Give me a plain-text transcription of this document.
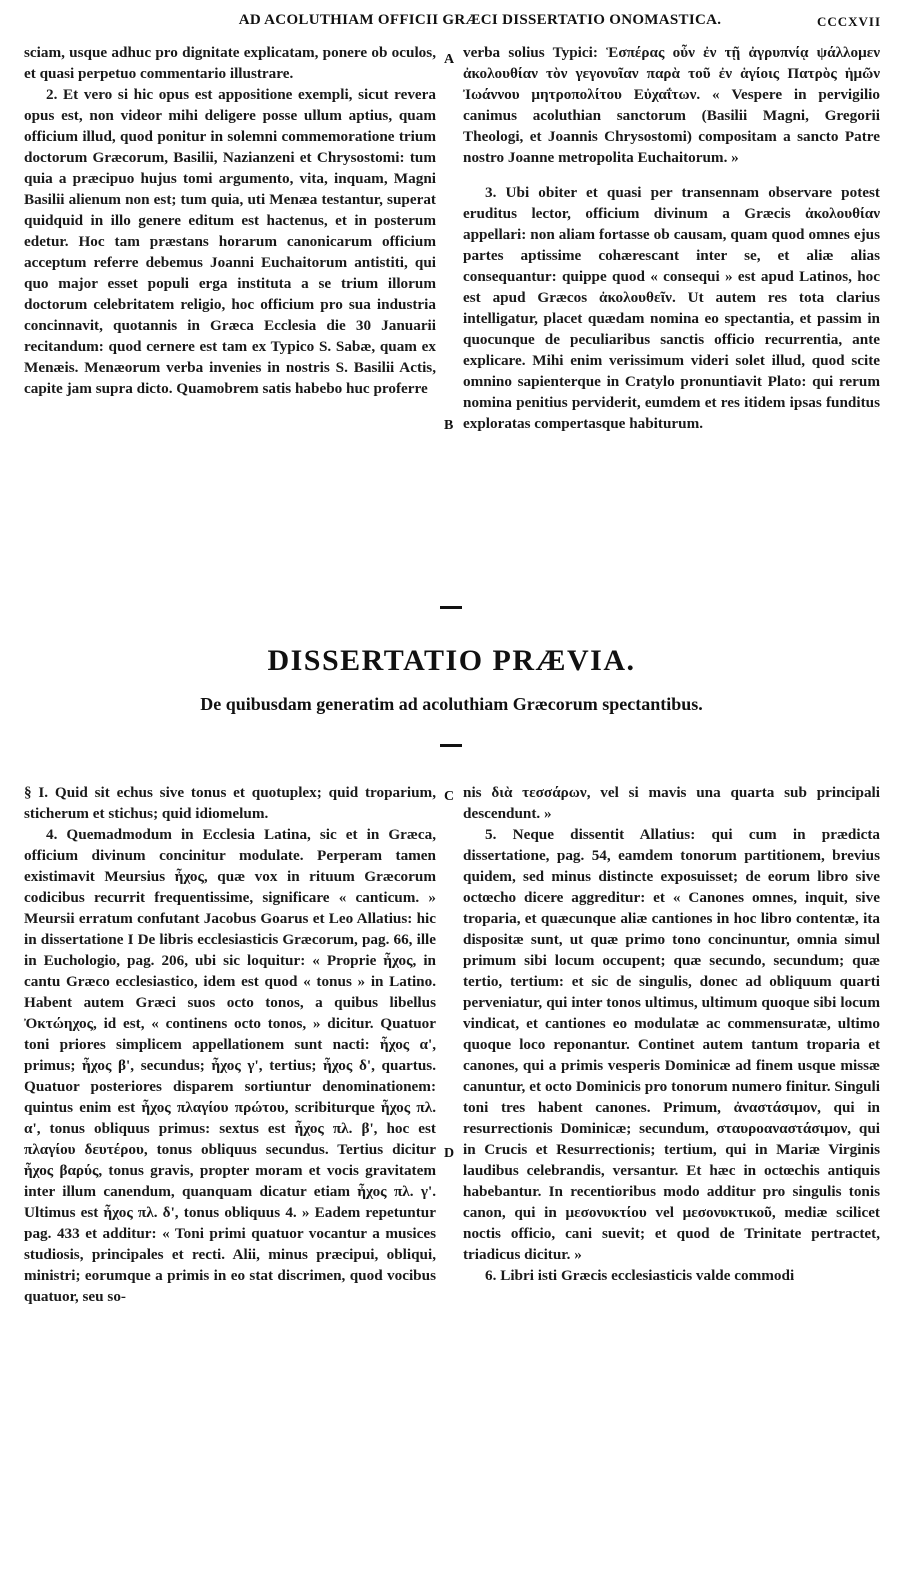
AD ACOLUTHIAM OFFICII GRÆCI DISSERTATIO ONOMASTICA.	CCCXVII
A
B
C
D

sciam, usque adhuc pro dignitate explicatam, ponere ob oculos, et quasi perpetuo commentario illustrare.

2. Et vero si hic opus est appositione exempli, sicut revera opus est, non videor mihi deligere posse ullum aptius, quam officium illud, quod ponitur in solemni commemoratione trium doctorum Græcorum, Basilii, Nazianzeni et Chrysostomi: tum quia a præcipuo hujus tomi argumento, vita, inquam, Magni Basilii alienum non est; tum quia, uti Menæa testantur, superat quidquid in illo genere editum est hactenus, et in posterum edetur. Hoc tam præstans horarum canonicarum officium acceptum referre debemus Joanni Euchaitorum antistiti, qui quo major esset populi erga instituta a se trium illorum doctorum celebritatem religio, hoc officium pro sua industria concinnavit, quotannis in Græca Ecclesia die 30 Januarii recitandum: quod cernere est tam ex Typico S. Sabæ, quam ex Menæis. Menæorum verba invenies in nostris S. Basilii Actis, capite jam supra dicto. Quamobrem satis habebo huc proferre

verba solius Typici: Ἑσπέρας οὖν ἐν τῇ ἀγρυπνίᾳ ψάλλομεν ἀκολουθίαν τὸν γεγονυῖαν παρὰ τοῦ ἐν ἁγίοις Πατρὸς ἡμῶν Ἰωάννου μητροπολίτου Εὐχαΐτων. « Vespere in pervigilio canimus acoluthian sanctorum (Basilii Magni, Gregorii Theologi, et Joannis Chrysostomi) compositam a sancto Patre nostro Joanne metropolita Euchaitorum. »

3. Ubi obiter et quasi per transennam observare potest eruditus lector, officium divinum a Græcis ἀκολουθίαν appellari: non aliam fortasse ob causam, quam quod omnes ejus partes aptissime cohærescant inter se, et aliæ alias consequantur: quippe quod « consequi » est apud Latinos, hoc est apud Græcos ἀκολουθεῖν. Ut autem res tota clarius intelligatur, placet quædam nomina eo spectantia, et passim in quocunque de peculiaribus sanctis officio recurrentia, ante explicare. Mihi enim verissimum videri solet illud, quod scite omnino sapienterque in Cratylo pronuntiavit Plato: qui rerum nomina penitius perviderit, eumdem et res itidem ipsas funditus exploratas compertasque habiturum.

DISSERTATIO PRÆVIA.
De quibusdam generatim ad acoluthiam Græcorum spectantibus.

§ I. Quid sit echus sive tonus et quotuplex; quid troparium, sticherum et stichus; quid idiomelum.

4. Quemadmodum in Ecclesia Latina, sic et in Græca, officium divinum concinitur modulate. Perperam tamen existimavit Meursius ἦχος, quæ vox in rituum Græcorum codicibus recurrit frequentissime, significare « canticum. » Meursii erratum confutant Jacobus Goarus et Leo Allatius: hic in dissertatione I De libris ecclesiasticis Græcorum, pag. 66, ille in Euchologio, pag. 206, ubi sic loquitur: « Proprie ἦχος, in cantu Græco ecclesiastico, idem est quod « tonus » in Latino. Habent autem Græci suos octo tonos, a quibus libellus Ὀκτώηχος, id est, « continens octo tonos, » dicitur. Quatuor toni priores simplicem appellationem sunt nacti: ἦχος α', primus; ἦχος β', secundus; ἦχος γ', tertius; ἦχος δ', quartus. Quatuor posteriores disparem sortiuntur denominationem: quintus enim est ἦχος πλαγίου πρώτου, scribiturque ἦχος πλ. α', tonus obliquus primus: sextus est ἦχος πλ. β', hoc est πλαγίου δευτέρου, tonus obliquus secundus. Tertius dicitur ἦχος βαρύς, tonus gravis, propter moram et vocis gravitatem inter illum canendum, quanquam dicatur etiam ἦχος πλ. γ'. Ultimus est ἦχος πλ. δ', tonus obliquus 4. » Eadem repetuntur pag. 433 et additur: « Toni primi quatuor vocantur a musices studiosis, principales et recti. Alii, minus præcipui, obliqui, ministri; eorumque a primis in eo stat discrimen, quod vocibus quatuor, seu so-

nis διὰ τεσσάρων, vel si mavis una quarta sub principali descendunt. »

5. Neque dissentit Allatius: qui cum in prædicta dissertatione, pag. 54, eamdem tonorum partitionem, brevius quidem, sed minus distincte exposuisset; de eorum libro sive octœcho dicere aggreditur: et « Canones omnes, inquit, sive troparia, et quæcunque aliæ cantiones in hoc libro contentæ, ita dispositæ sunt, ut quæ primo tono concinuntur, omnia simul primum sibi locum occupent; quæ secundo, secundum; quæ tertio, tertium: et sic de singulis, donec ad obliquum quarti perveniatur, qui inter tonos ultimus, ultimum quoque sibi locum vindicat, et cantiones eo modulatæ ac commensuratæ, ultimo quoque loco reponantur. Continet autem tantum troparia et canones, qui a primis vesperis Dominicæ ad finem usque missæ canuntur, et octo Dominicis pro tonorum numero finitur. Singuli toni tres habent canones. Primum, ἀναστάσιμον, qui in resurrectionis Dominicæ; secundum, σταυροαναστάσιμον, qui in Crucis et Resurrectionis; tertium, qui in Mariæ Virginis laudibus celebrandis, versantur. Et hæc in octœchis antiquis habebantur. In recentioribus modo additur pro singulis tonis canon, qui in μεσονυκτίου vel μεσονυκτικοῦ, mediæ scilicet noctis officio, cani suevit; et quod de Trinitate pertractet, triadicus dicitur. »

6. Libri isti Græcis ecclesiasticis valde commodi
